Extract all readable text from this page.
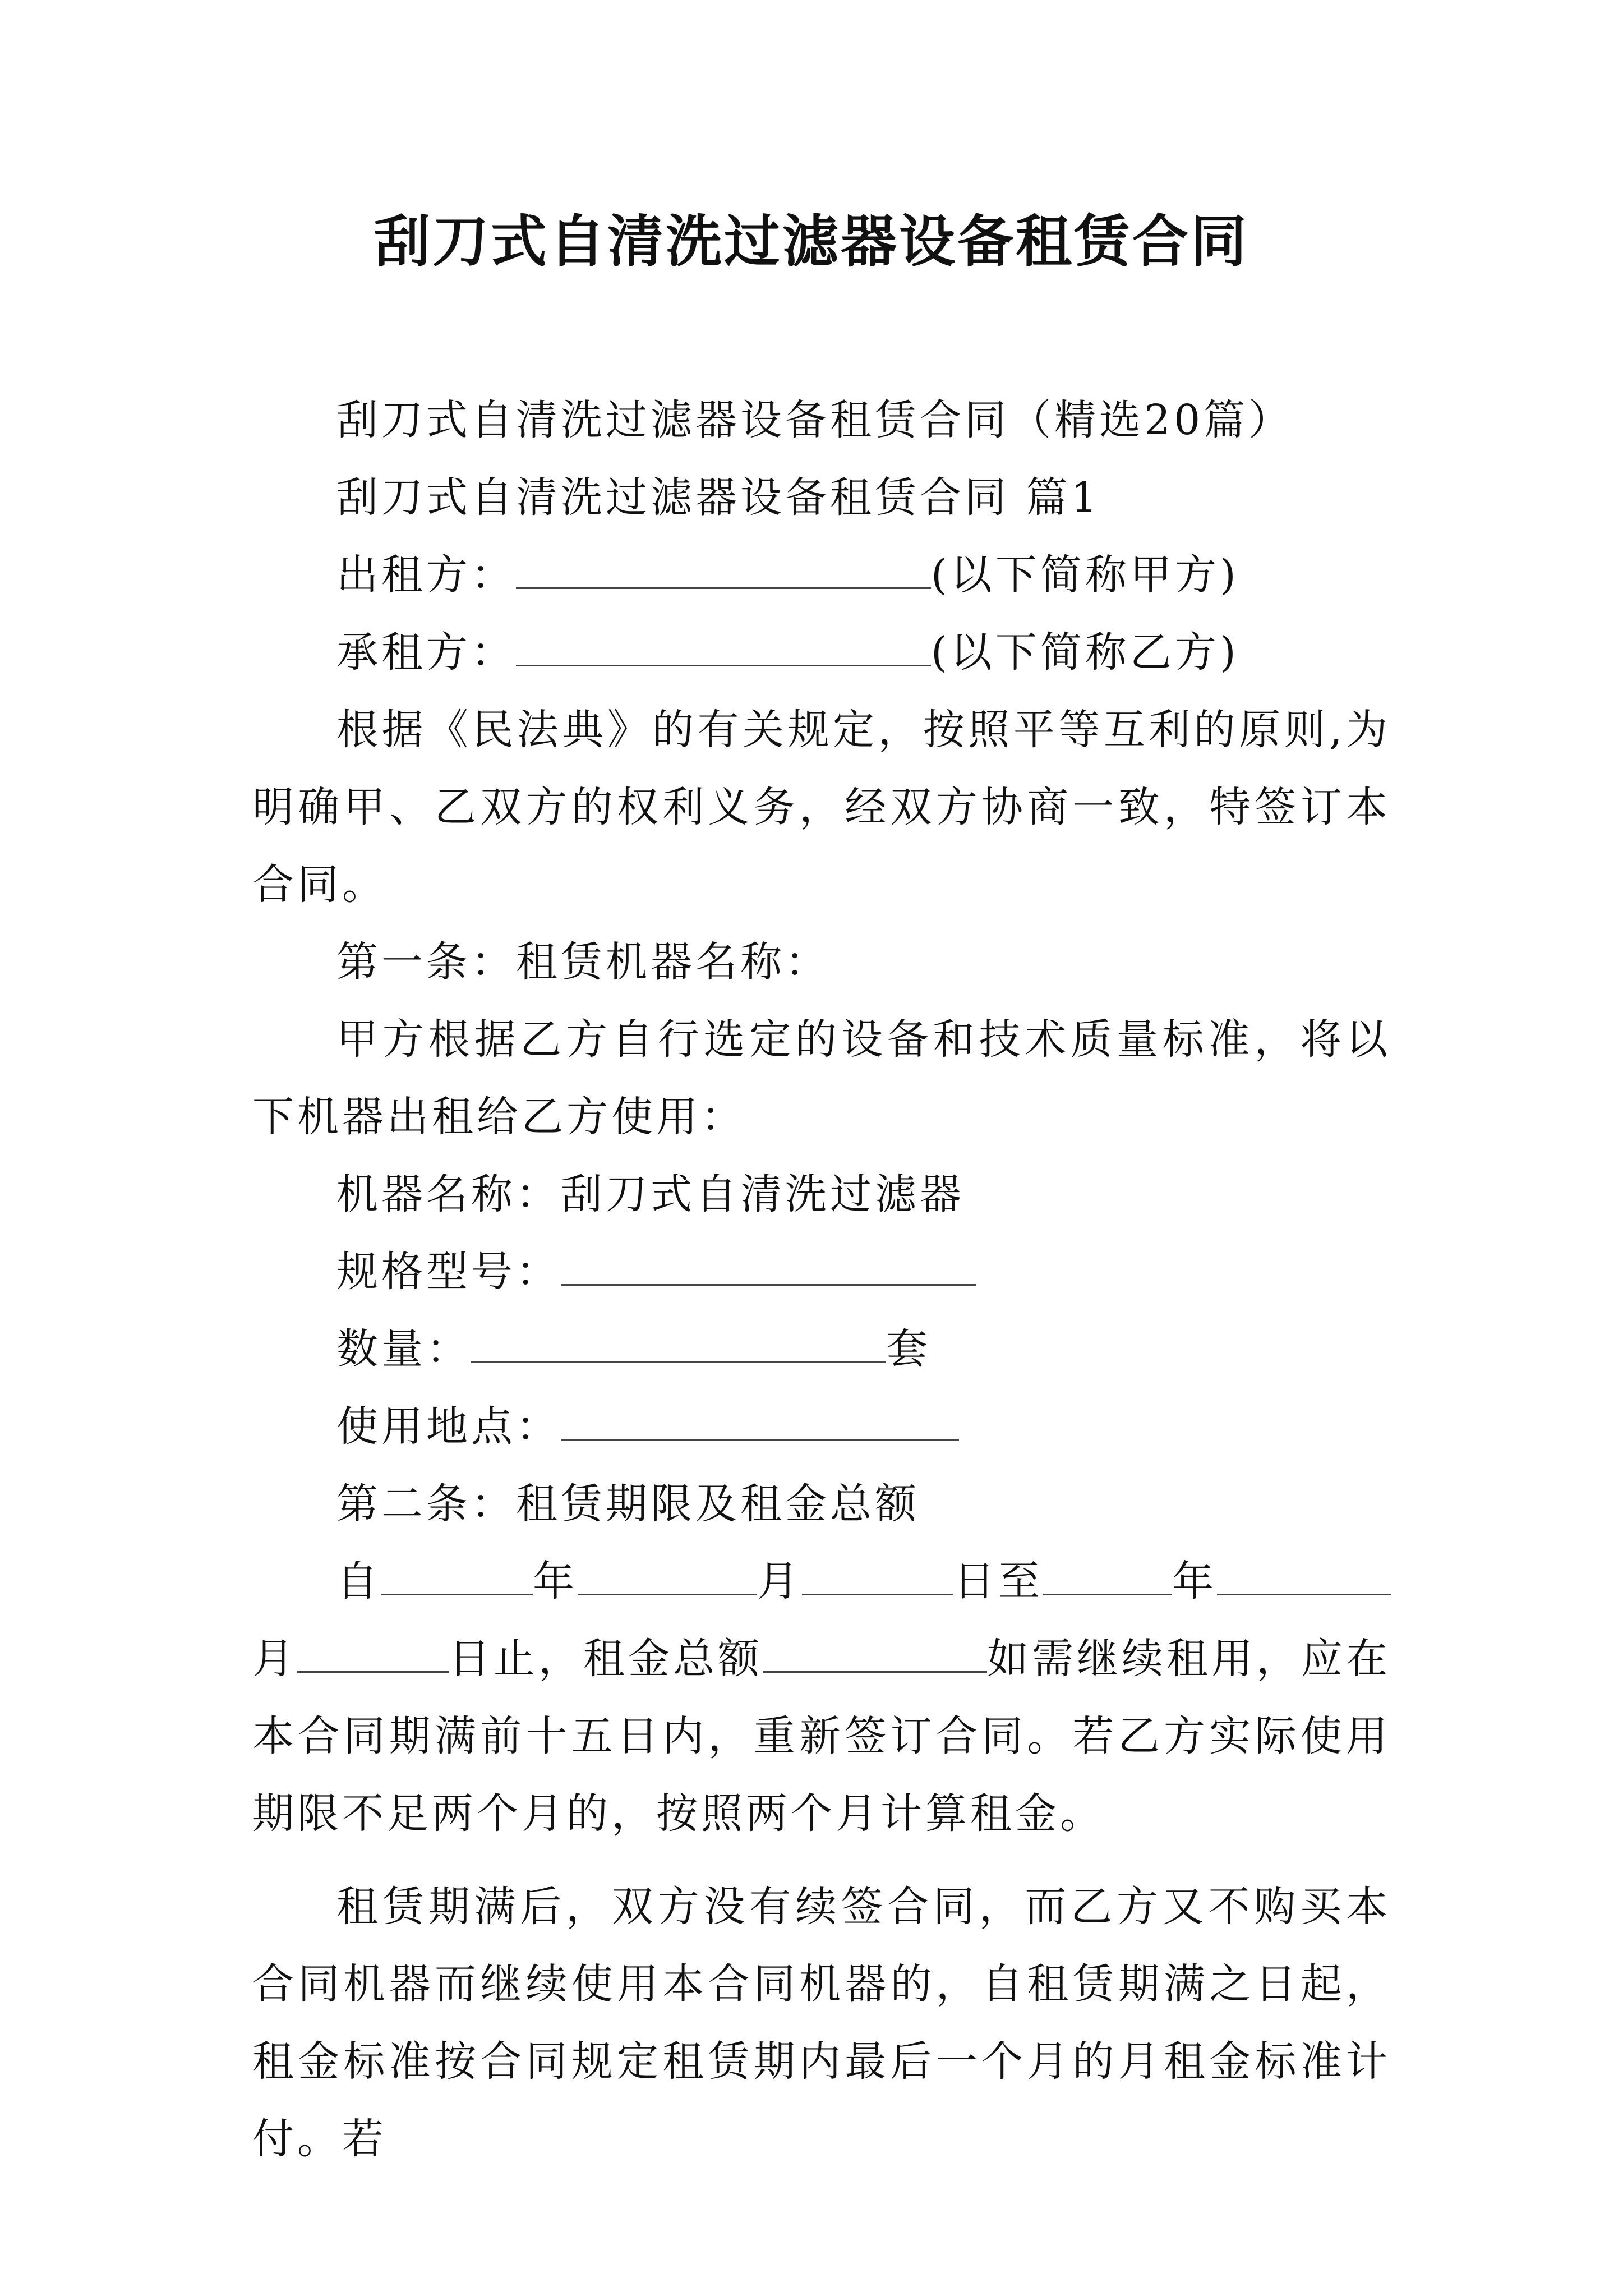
刮刀式自清洗过滤器设备租赁合同
刮刀式自清洗过滤器设备租赁合同（精选20篇）
刮刀式自清洗过滤器设备租赁合同 篇1
出租方：	(以下简称甲方)
承租方：	(以下简称乙方)
根据《民法典》的有关规定，按照平等互利的原则,为明确甲、乙双方的权利义务，经双方协商一致，特签订本合同。
第一条：租赁机器名称：
甲方根据乙方自行选定的设备和技术质量标准，将以下机器出租给乙方使用：
机器名称：刮刀式自清洗过滤器
规格型号：
数量：	套
使用地点：
第二条：租赁期限及租金总额
自	年	月	日至	年
月	日止，租金总额	如需继续租用，应在本合同期满前十五日内，重新签订合同。若乙方实际使用期限不足两个月的，按照两个月计算租金。
租赁期满后，双方没有续签合同，而乙方又不购买本合同机器而继续使用本合同机器的，自租赁期满之日起，租金标准按合同规定租赁期内最后一个月的月租金标准计付。若
